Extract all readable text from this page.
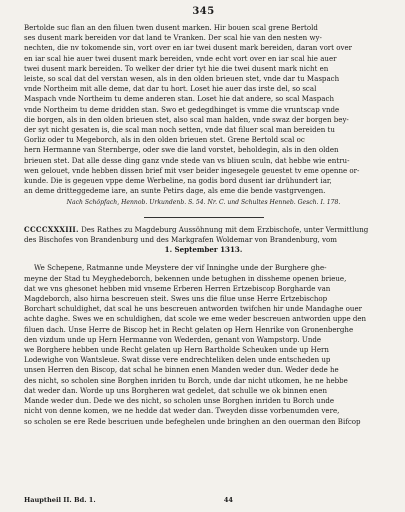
345
Bertolde suc flan an den filuen twen dusent marken. Hir bouen scal grene Bertold
ses dusent mark bereiden vor dat land te Vranken. Der scal hie van den nesten wy-
nechten, die nv tokomende sin, vort over en iar twei dusent mark bereiden, daran vort over
en iar scal hie auer twei dusent mark bereiden, vnde echt vort over en iar scal hie auer
twei dusent mark bereiden. To welker der drier tyt hie die twei dusent mark nicht en
leiste, so scal dat del verstan wesen, als in den olden brieuen stet, vnde dar tu Maspach
vnde Northeim mit alle deme, dat dar tu hort. Loset hie auer das irste del, so scal
Maspach vnde Northeim tu deme anderen stan. Loset hie dat andere, so scal Maspach
vnde Northeim tu deme dridden stan. Swo et gedegdhinget is vmme die vruntscap vnde
die borgen, als in den olden brieuen stet, also scal man halden, vnde swaz der borgen bey-
der syt nicht gesaten is, die scal man noch setten, vnde dat filuer scal man bereiden tu
Gorliz oder tu Megeborch, als in den olden brieuen stet. Grene Bertold scal oc
hern Hermanne van Sternberge, oder swe die land vorstet, beholdegin, als in den olden
brieuen stet. Dat alle desse ding ganz vnde stede van vs bliuen sculn, dat hebbe wie entru-
wen gelouet, vnde hebben dissen brief mit vser beider ingesegele geuestet tv eme openne or-
kunde. Die is gegeuen vppe deme Werbeline, na godis bord dusent iar drühundert iar,
an deme dritteggedeme iare, an sunte Petirs dage, als eme die bende vastgrvengen.

Nach Schöpfach, Hennob. Urkundenb. S. 54. Nr. C. und Schultes Henneb. Gesch. I. 178.

CCCCXXXIII. Des Rathes zu Magdeburg Aussöhnung mit dem Erzbischofe, unter Vermittlung
des Bischofes von Brandenburg und des Markgrafen Woldemar von Brandenburg, vom
1. September 1313.
We Schepene, Ratmanne unde Meystere der vif Inninghe unde der Burghere ghe-
meyne der Stad tu Meyghedeborch, bekennen unde betughen in dissheme openen brieue,
dat we vns ghesonet hebben mid vnseme Erberen Herren Ertzebiscop Borgharde van
Magdeborch, also hirna bescreuen steit. Swes uns die filue unse Herre Ertzebischop
Borchart schuldighet, dat scal he uns bescreuen antworden twifchen hir unde Mandaghe ouer
achte daghe. Swes we en schuldighen, dat scole we eme weder bescreuen antworden uppe den
filuen dach. Unse Herre de Biscop het in Recht gelaten op Hern Henrike von Gronenberghe
den vizdum unde up Hern Hermanne von Wederden, genant von Wampstorp. Unde
we Borghere hebben unde Recht gelaten up Hern Bartholde Scheuken unde up Hern
Lodewighe von Wantsleue. Swat disse vere endrechteliken delen unde entscheden up
unsen Herren den Biscop, dat schal he binnen enen Manden weder dun. Weder dede he
des nicht, so scholen sine Borghen inriden tu Borch, unde dar nicht utkomen, he ne hebbe
dat weder dan. Worde up uns Borgheren wat gedelet, dat schulle we ok binnen enen
Mande weder dun. Dede we des nicht, so scholen unse Borghen inriden tu Borch unde
nicht von denne komen, we ne hedde dat weder dan. Tweyden disse vorbenumden vere,
so scholen se ere Rede bescriuen unde befeghelen unde bringhen an den ouerman den Bifcop
Hauptheil II. Bd. 1.	44
